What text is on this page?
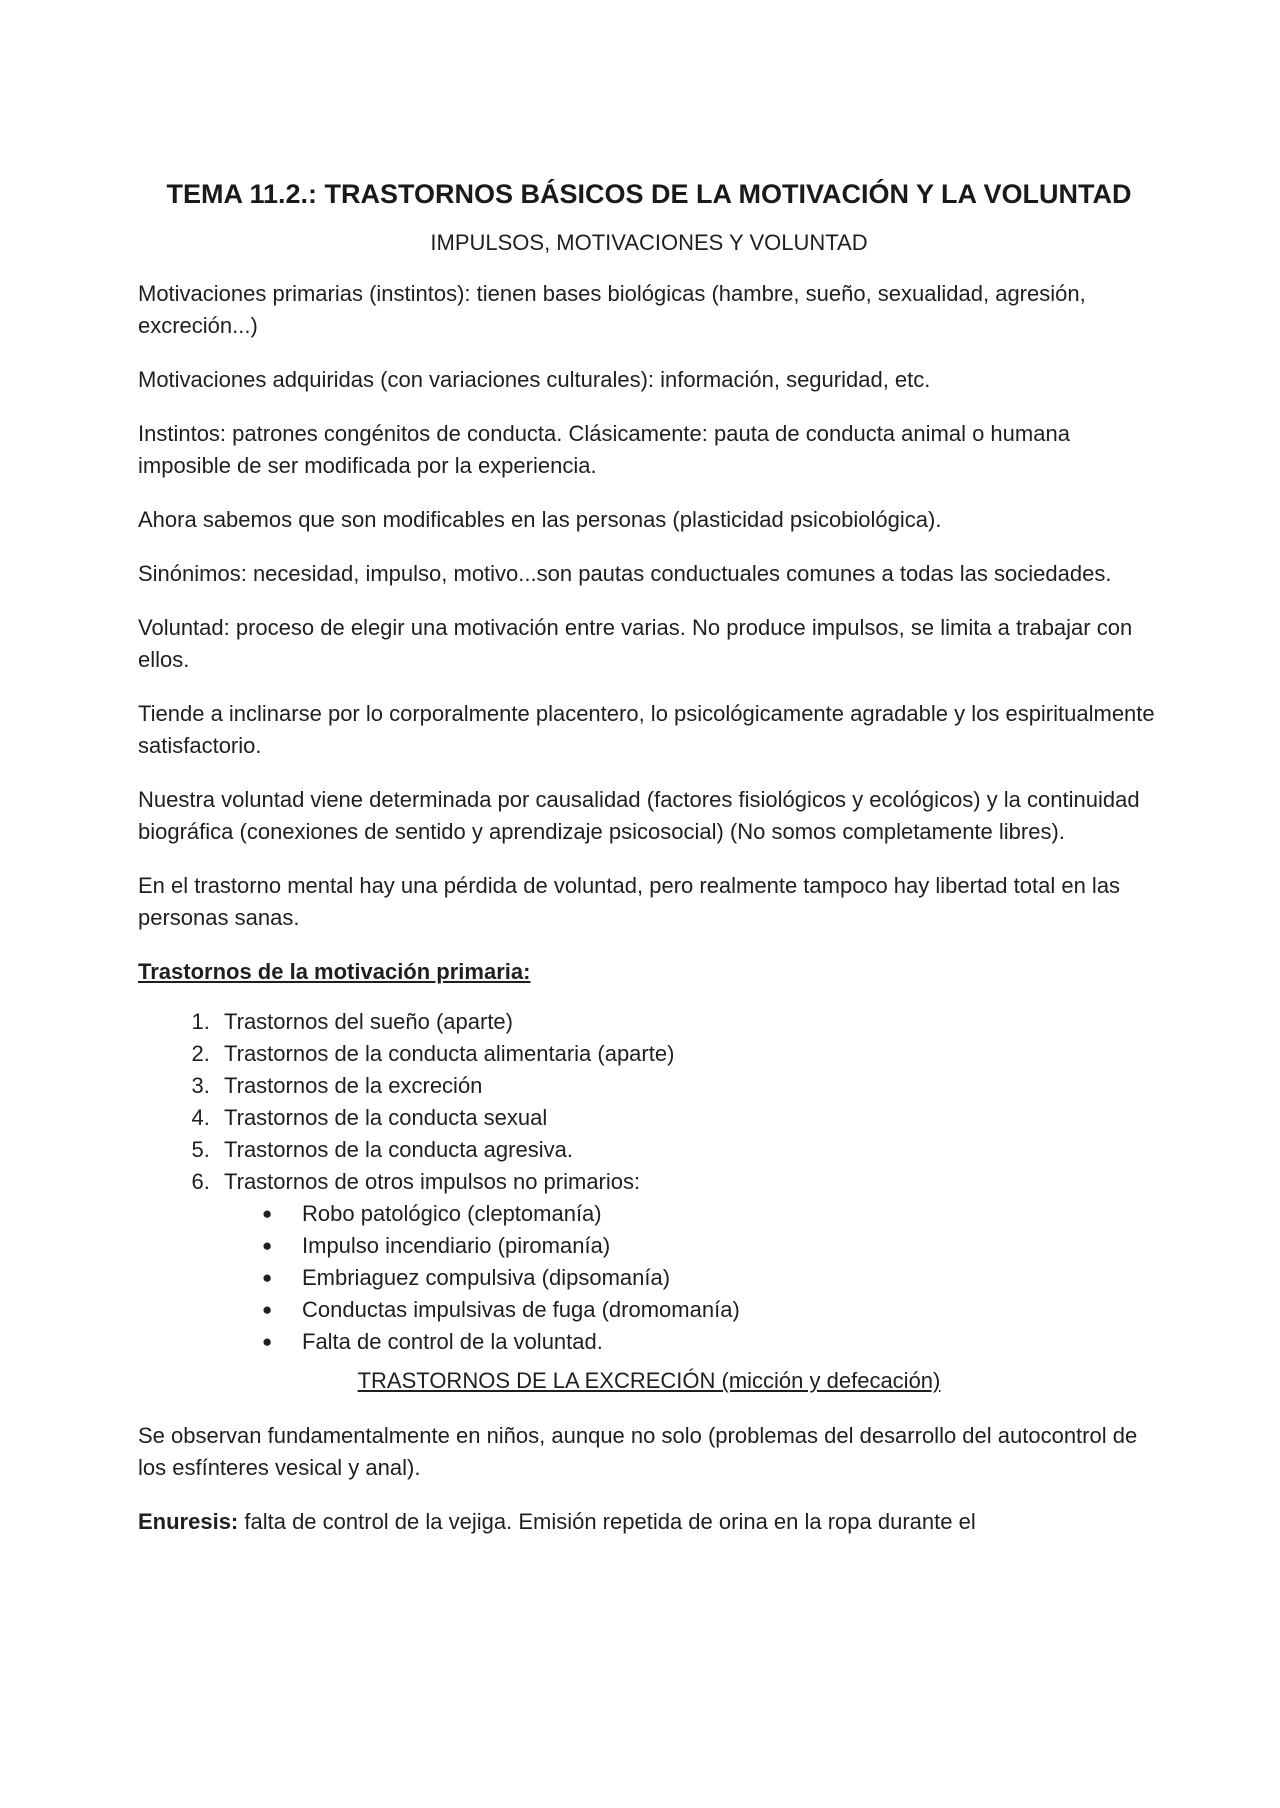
TEMA 11.2.: TRASTORNOS BÁSICOS DE LA MOTIVACIÓN Y LA VOLUNTAD
IMPULSOS, MOTIVACIONES Y VOLUNTAD

Motivaciones primarias (instintos): tienen bases biológicas (hambre, sueño, sexualidad, agresión, excreción...)

Motivaciones adquiridas (con variaciones culturales): información, seguridad, etc.

Instintos: patrones congénitos de conducta. Clásicamente: pauta de conducta animal o humana imposible de ser modificada por la experiencia.

Ahora sabemos que son modificables en las personas (plasticidad psicobiológica).

Sinónimos: necesidad, impulso, motivo...son pautas conductuales comunes a todas las sociedades.

Voluntad: proceso de elegir una motivación entre varias. No produce impulsos, se limita a trabajar con ellos.

Tiende a inclinarse por lo corporalmente placentero, lo psicológicamente agradable y los espiritualmente satisfactorio.

Nuestra voluntad viene determinada por causalidad (factores fisiológicos y ecológicos) y la continuidad biográfica (conexiones de sentido y aprendizaje psicosocial) (No somos completamente libres).

En el trastorno mental hay una pérdida de voluntad, pero realmente tampoco hay libertad total en las personas sanas.

Trastornos de la motivación primaria:
1. Trastornos del sueño (aparte)
2. Trastornos de la conducta alimentaria (aparte)
3. Trastornos de la excreción
4. Trastornos de la conducta sexual
5. Trastornos de la conducta agresiva.
6. Trastornos de otros impulsos no primarios:
● Robo patológico (cleptomanía)
● Impulso incendiario (piromanía)
● Embriaguez compulsiva (dipsomanía)
● Conductas impulsivas de fuga (dromomanía)
● Falta de control de la voluntad.
TRASTORNOS DE LA EXCRECIÓN (micción y defecación)

Se observan fundamentalmente en niños, aunque no solo (problemas del desarrollo del autocontrol de los esfínteres vesical y anal).

Enuresis: falta de control de la vejiga. Emisión repetida de orina en la ropa durante el
